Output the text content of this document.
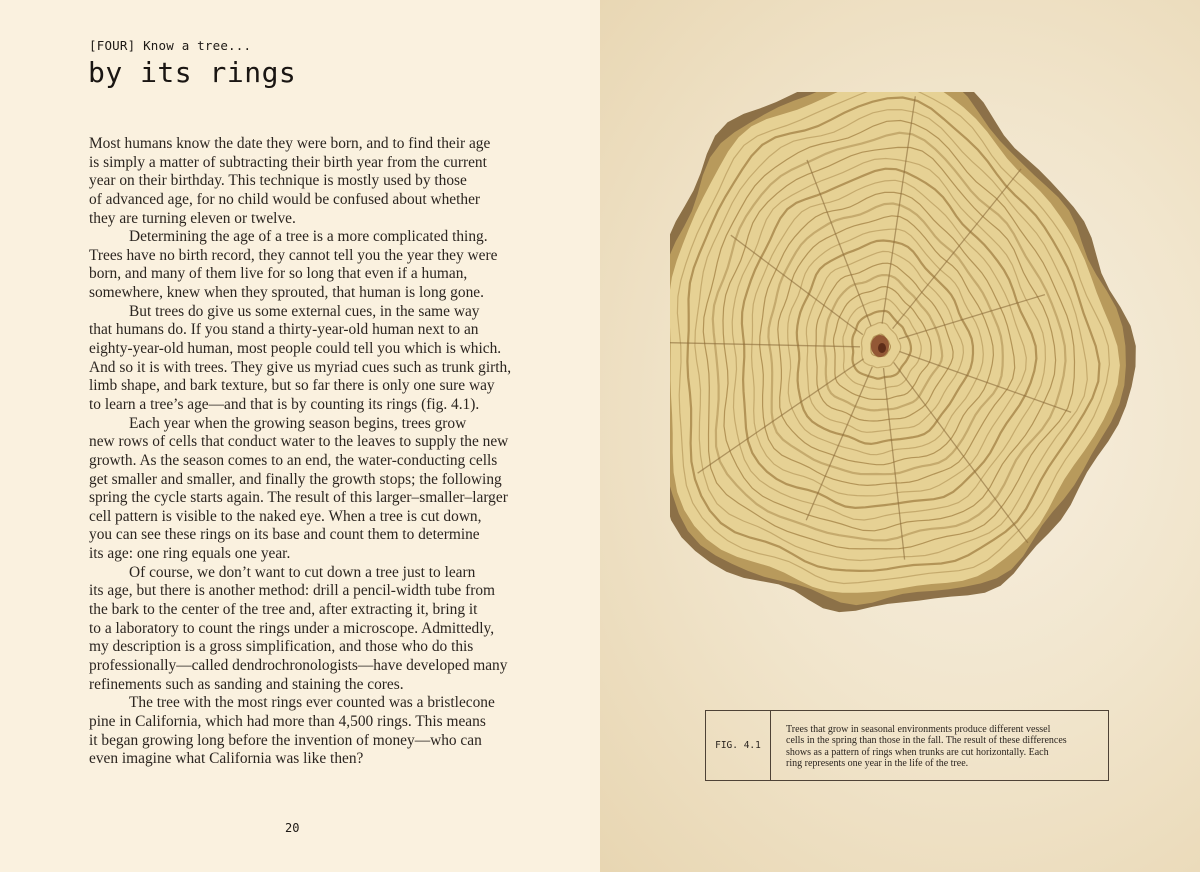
[FOUR] Know a tree...
by its rings
Most humans know the date they were born, and to find their age
is simply a matter of subtracting their birth year from the current
year on their birthday. This technique is mostly used by those
of advanced age, for no child would be confused about whether
they are turning eleven or twelve.
Determining the age of a tree is a more complicated thing.
Trees have no birth record, they cannot tell you the year they were
born, and many of them live for so long that even if a human,
somewhere, knew when they sprouted, that human is long gone.
But trees do give us some external cues, in the same way
that humans do. If you stand a thirty-year-old human next to an
eighty-year-old human, most people could tell you which is which.
And so it is with trees. They give us myriad cues such as trunk girth,
limb shape, and bark texture, but so far there is only one sure way
to learn a tree’s age—and that is by counting its rings (fig. 4.1).
Each year when the growing season begins, trees grow
new rows of cells that conduct water to the leaves to supply the new
growth. As the season comes to an end, the water-conducting cells
get smaller and smaller, and finally the growth stops; the following
spring the cycle starts again. The result of this larger–smaller–larger
cell pattern is visible to the naked eye. When a tree is cut down,
you can see these rings on its base and count them to determine
its age: one ring equals one year.
Of course, we don’t want to cut down a tree just to learn
its age, but there is another method: drill a pencil-width tube from
the bark to the center of the tree and, after extracting it, bring it
to a laboratory to count the rings under a microscope. Admittedly,
my description is a gross simplification, and those who do this
professionally—called dendrochronologists—have developed many
refinements such as sanding and staining the cores.
The tree with the most rings ever counted was a bristlecone
pine in California, which had more than 4,500 rings. This means
it began growing long before the invention of money—who can
even imagine what California was like then?
20
FIG. 4.1
Trees that grow in seasonal environments produce different vessel
cells in the spring than those in the fall. The result of these differences
shows as a pattern of rings when trunks are cut horizontally. Each
ring represents one year in the life of the tree.
